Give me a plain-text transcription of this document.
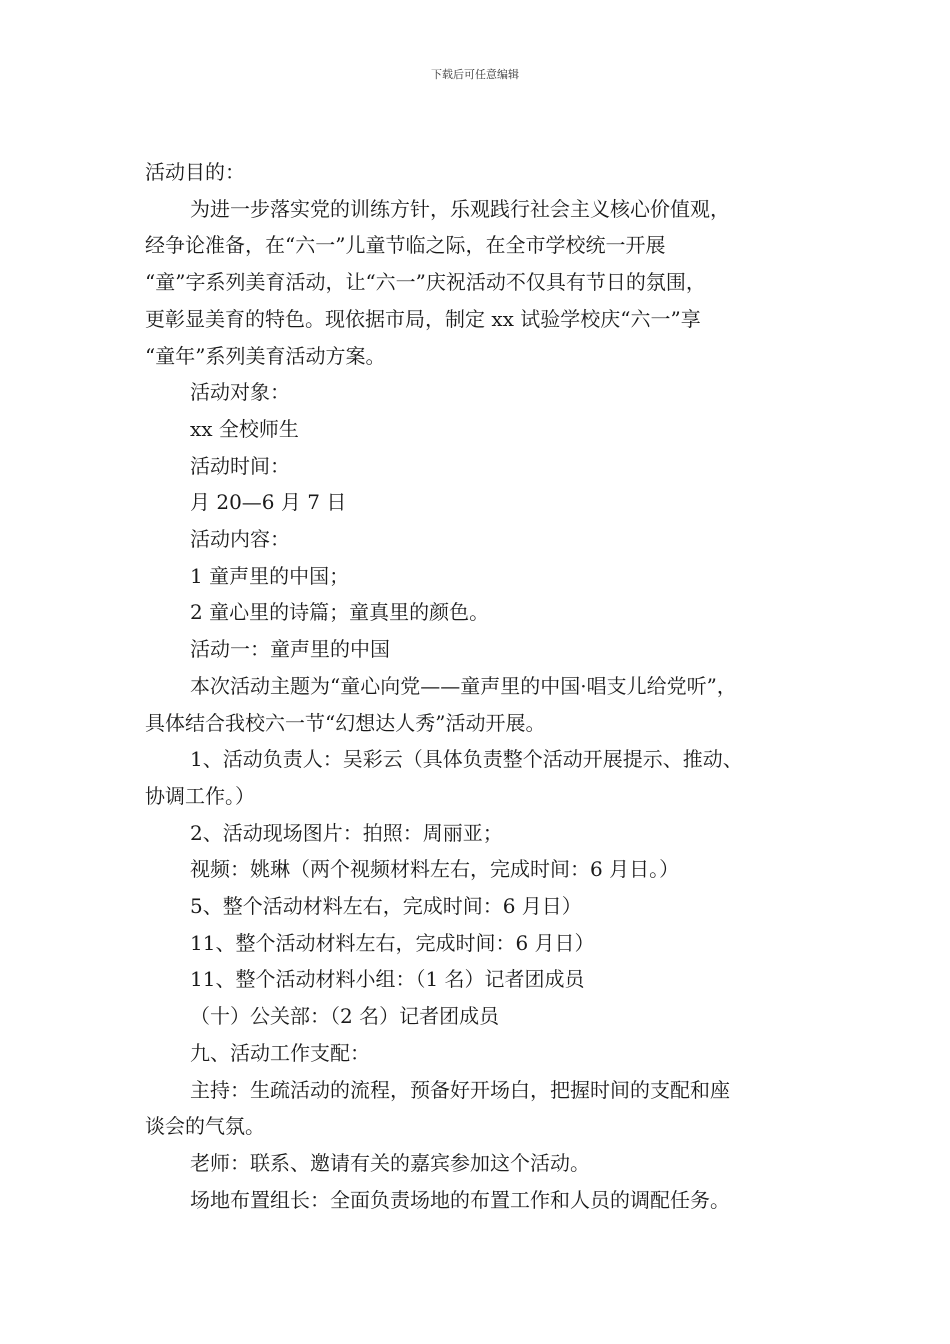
下载后可任意编辑

活动目的：

为进一步落实党的训练方针，乐观践行社会主义核心价值观，

经争论准备，在“六一”儿童节临之际，在全市学校统一开展

“童”字系列美育活动，让“六一”庆祝活动不仅具有节日的氛围，

更彰显美育的特色。现依据市局，制定 xx 试验学校庆“六一”享

“童年”系列美育活动方案。

活动对象：

xx 全校师生

活动时间：

月 20—6 月 7 日

活动内容：

1 童声里的中国；

2 童心里的诗篇；童真里的颜色。

活动一：童声里的中国

本次活动主题为“童心向党——童声里的中国·唱支儿给党听”，

具体结合我校六一节“幻想达人秀”活动开展。

1、活动负责人：吴彩云（具体负责整个活动开展提示、推动、

协调工作。）

2、活动现场图片：拍照：周丽亚；

视频：姚琳（两个视频材料左右，完成时间：6 月日。）

5、整个活动材料左右，完成时间：6 月日）

11、整个活动材料左右，完成时间：6 月日）

11、整个活动材料小组：（1 名）记者团成员

（十）公关部：（2 名）记者团成员

九、活动工作支配：

主持：生疏活动的流程，预备好开场白，把握时间的支配和座

谈会的气氛。

老师：联系、邀请有关的嘉宾参加这个活动。

场地布置组长：全面负责场地的布置工作和人员的调配任务。
